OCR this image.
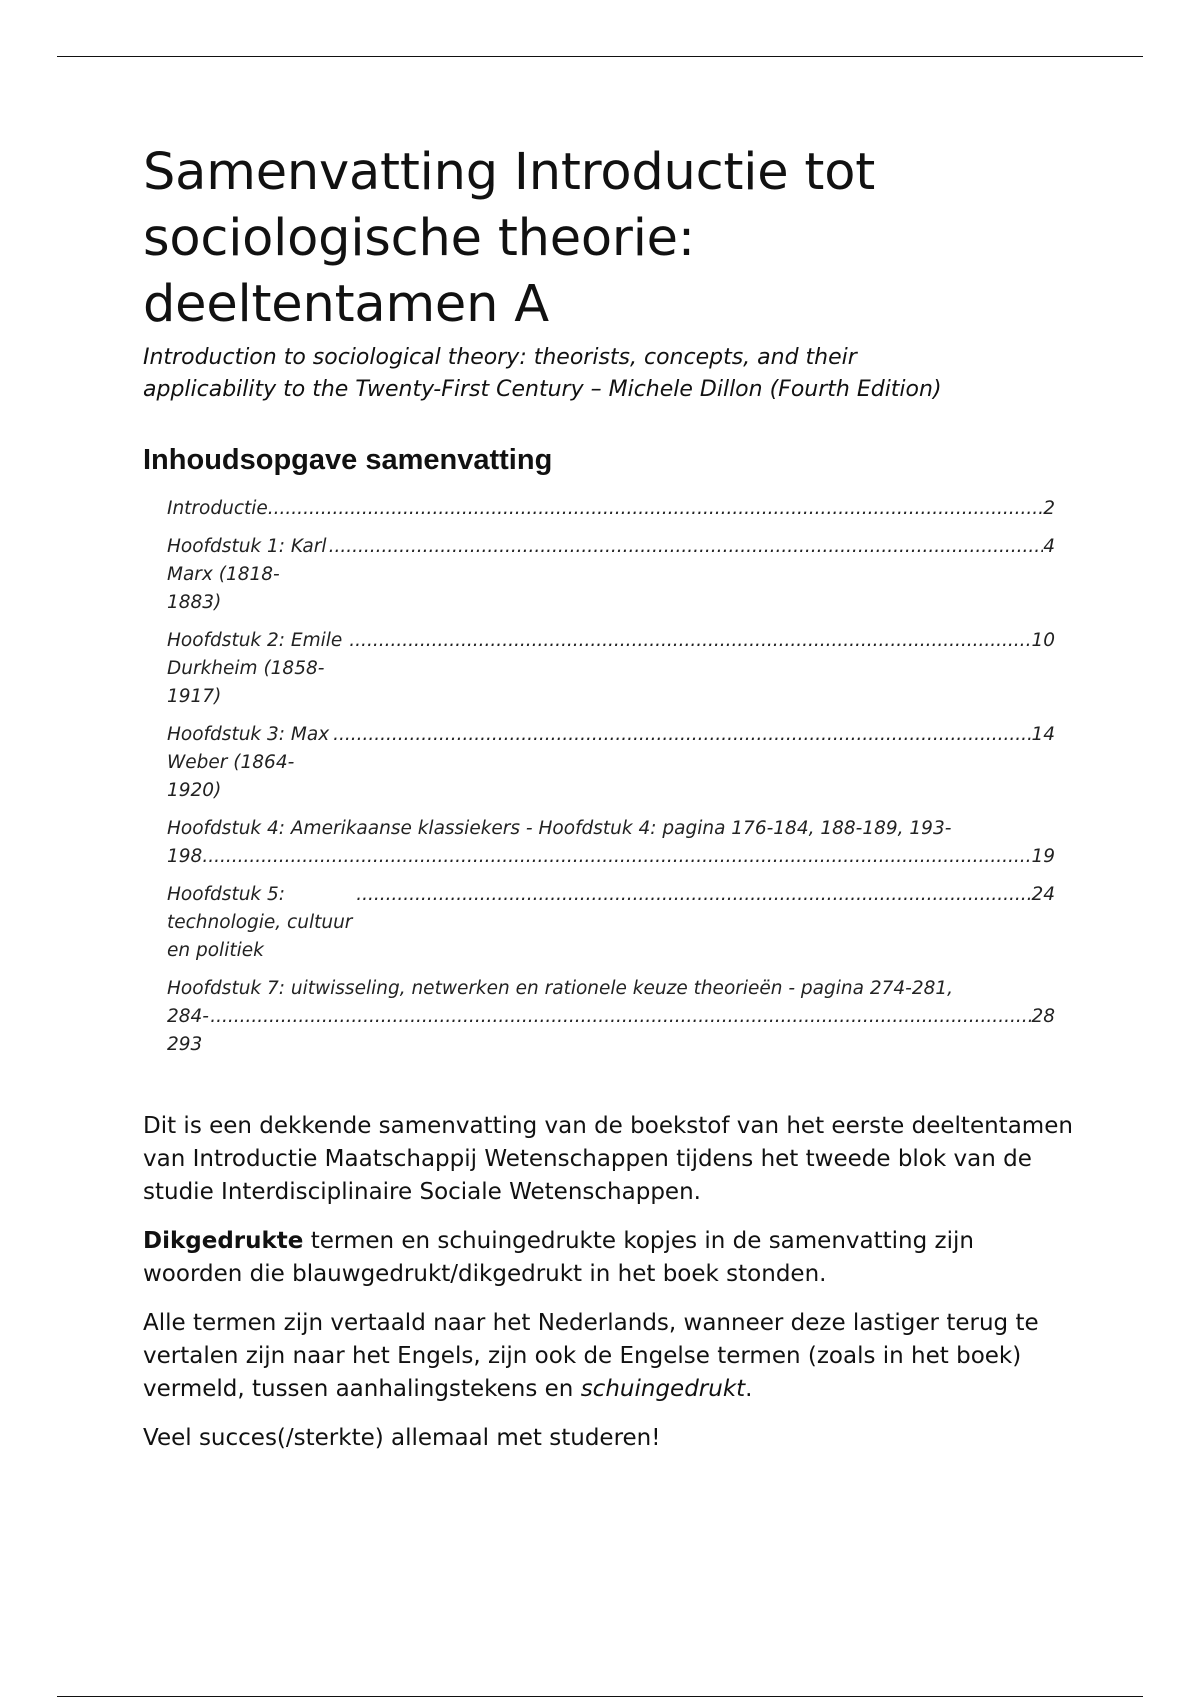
Samenvatting Introductie tot
sociologische theorie:
deeltentamen A

Introduction to sociological theory: theorists, concepts, and their
applicability to the Twenty-First Century – Michele Dillon (Fourth Edition)

Inhoudsopgave samenvatting
Introductie .....	2
Hoofdstuk 1: Karl Marx (1818-1883)
.....
4
Hoofdstuk 2: Emile Durkheim (1858-1917)
.....
10
Hoofdstuk 3: Max Weber (1864-1920)
.....
14
Hoofdstuk 4: Amerikaanse klassiekers - Hoofdstuk 4: pagina 176-184, 188-189, 193-
198 .....	19
Hoofdstuk 5: technologie, cultuur en politiek
.....
24
Hoofdstuk 7: uitwisseling, netwerken en rationele keuze theorieën - pagina 274-281,
284-293
.....
28

Dit is een dekkende samenvatting van de boekstof van het eerste deeltentamen van Introductie Maatschappij Wetenschappen tijdens het tweede blok van de studie Interdisciplinaire Sociale Wetenschappen.

Dikgedrukte termen en schuingedrukte kopjes in de samenvatting zijn woorden die blauwgedrukt/dikgedrukt in het boek stonden.

Alle termen zijn vertaald naar het Nederlands, wanneer deze lastiger terug te vertalen zijn naar het Engels, zijn ook de Engelse termen (zoals in het boek) vermeld, tussen aanhalingstekens en schuingedrukt.

Veel succes(/sterkte) allemaal met studeren!
